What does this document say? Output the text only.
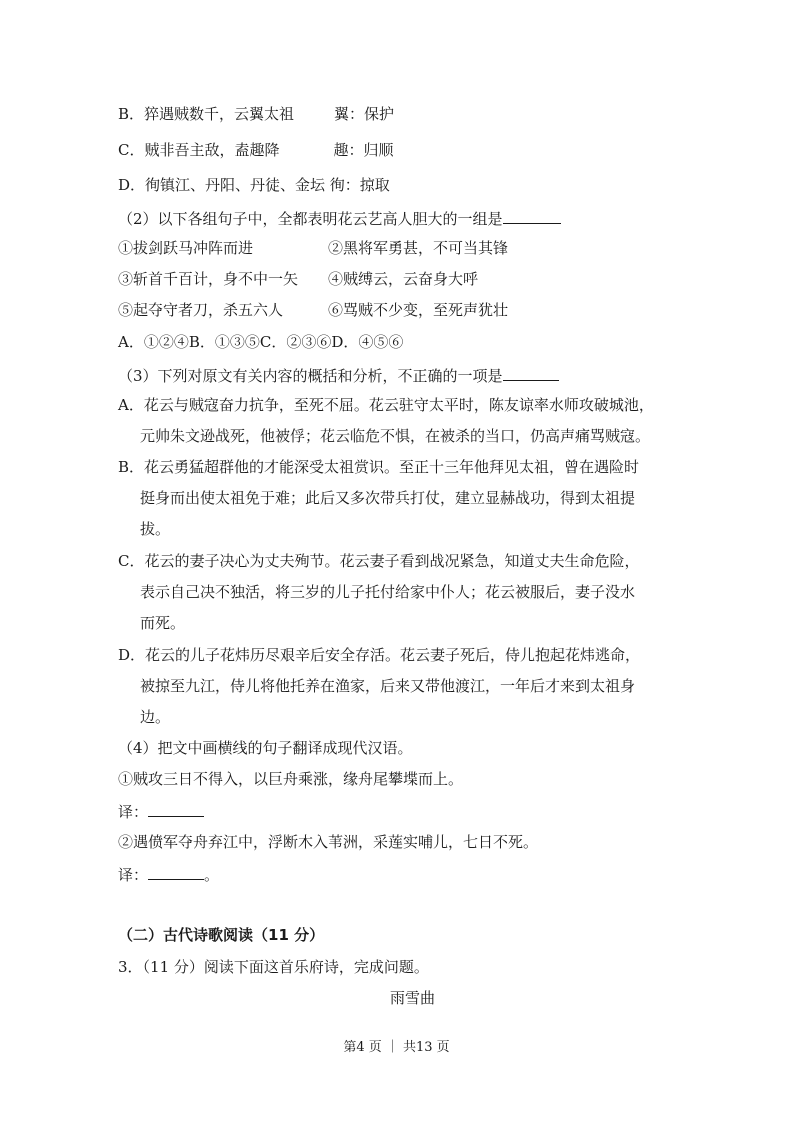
B．猝遇贼数千，云翼太祖	翼：保护
C．贼非吾主敌，盍趣降	趣：归顺
D．徇镇江、丹阳、丹徒、金坛 徇：掠取
（2）以下各组句子中，全都表明花云艺高人胆大的一组是
①拔剑跃马冲阵而进	②黑将军勇甚，不可当其锋
③斩首千百计，身不中一矢 ④贼缚云，云奋身大呼
⑤起夺守者刀，杀五六人	⑥骂贼不少变，至死声犹壮
A．①②④B．①③⑤C．②③⑥D．④⑤⑥
（3）下列对原文有关内容的概括和分析，不正确的一项是
A．花云与贼寇奋力抗争，至死不屈。花云驻守太平时，陈友谅率水师攻破城池，
元帅朱文逊战死，他被俘；花云临危不惧，在被杀的当口，仍高声痛骂贼寇。
B．花云勇猛超群他的才能深受太祖赏识。至正十三年他拜见太祖，曾在遇险时
挺身而出使太祖免于难；此后又多次带兵打仗，建立显赫战功，得到太祖提
拔。
C．花云的妻子决心为丈夫殉节。花云妻子看到战况紧急，知道丈夫生命危险，
表示自己决不独活，将三岁的儿子托付给家中仆人；花云被服后，妻子没水
而死。
D．花云的儿子花炜历尽艰辛后安全存活。花云妻子死后，侍儿抱起花炜逃命，
被掠至九江，侍儿将他托养在渔家，后来又带他渡江，一年后才来到太祖身
边。
（4）把文中画横线的句子翻译成现代汉语。
①贼攻三日不得入，以巨舟乘涨，缘舟尾攀堞而上。
译：
②遇偾军夺舟弃江中，浮断木入苇洲，采莲实哺儿，七日不死。
译：	。
（二）古代诗歌阅读（11 分）
3．（11 分）阅读下面这首乐府诗，完成问题。
雨雪曲
第4 页 ｜ 共13 页
